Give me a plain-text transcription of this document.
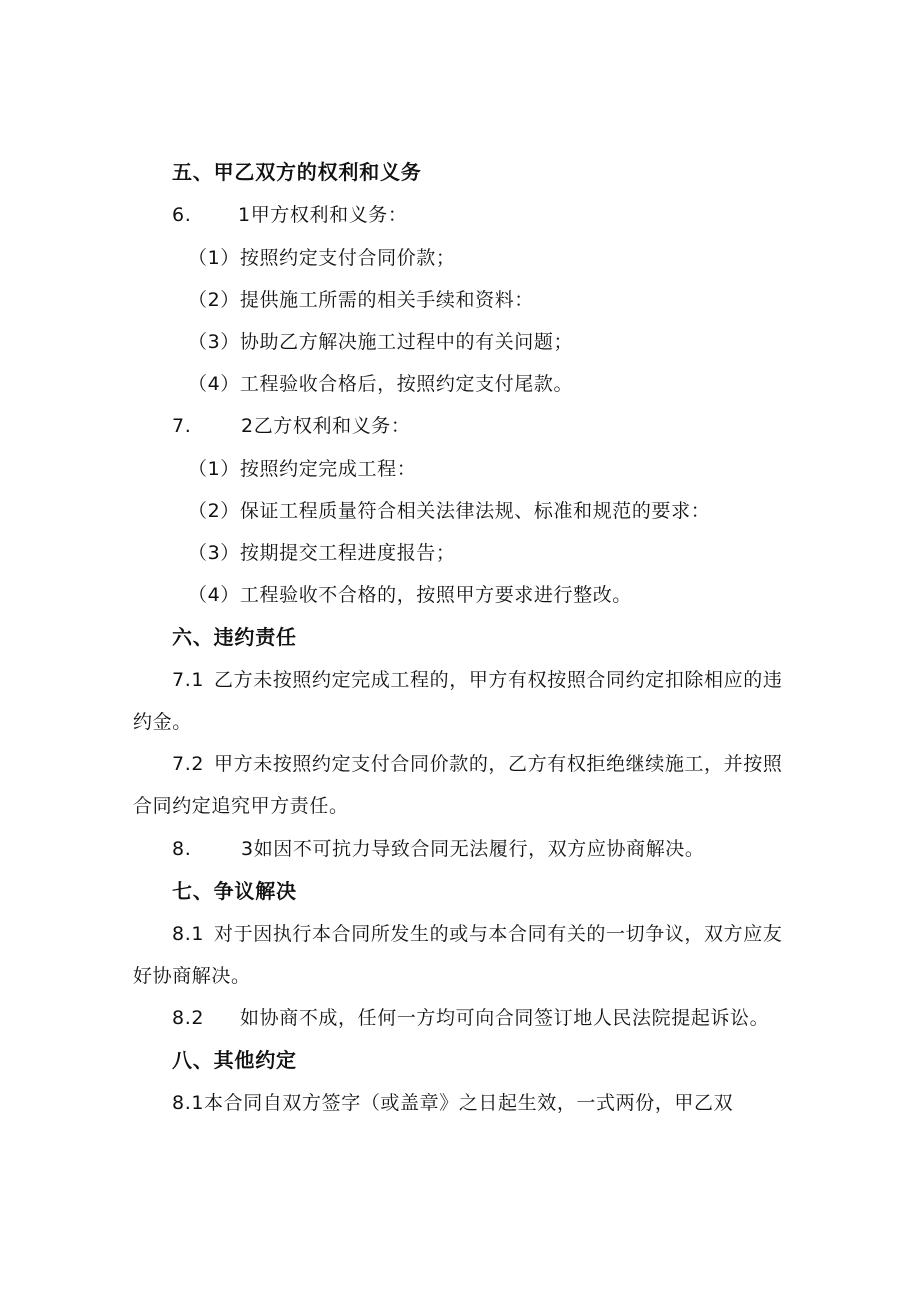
五、甲乙双方的权利和义务
6. 1甲方权利和义务：
（1）按照约定支付合同价款；
（2）提供施工所需的相关手续和资料：
（3）协助乙方解决施工过程中的有关问题；
（4）工程验收合格后，按照约定支付尾款。
7.	2乙方权利和义务：
（1）按照约定完成工程：
（2）保证工程质量符合相关法律法规、标准和规范的要求：
（3）按期提交工程进度报告；
（4）工程验收不合格的，按照甲方要求进行整改。
六、违约责任
7.1 乙方未按照约定完成工程的，甲方有权按照合同约定扣除相应的违
约金。
7.2 甲方未按照约定支付合同价款的，乙方有权拒绝继续施工，并按照
合同约定追究甲方责任。
8.	3如因不可抗力导致合同无法履行，双方应协商解决。
七、争议解决
8.1 对于因执行本合同所发生的或与本合同有关的一切争议，双方应友
好协商解决。
8.2 如协商不成，任何一方均可向合同签订地人民法院提起诉讼。
八、其他约定
8.1本合同自双方签字（或盖章》之日起生效，一式两份，甲乙双
